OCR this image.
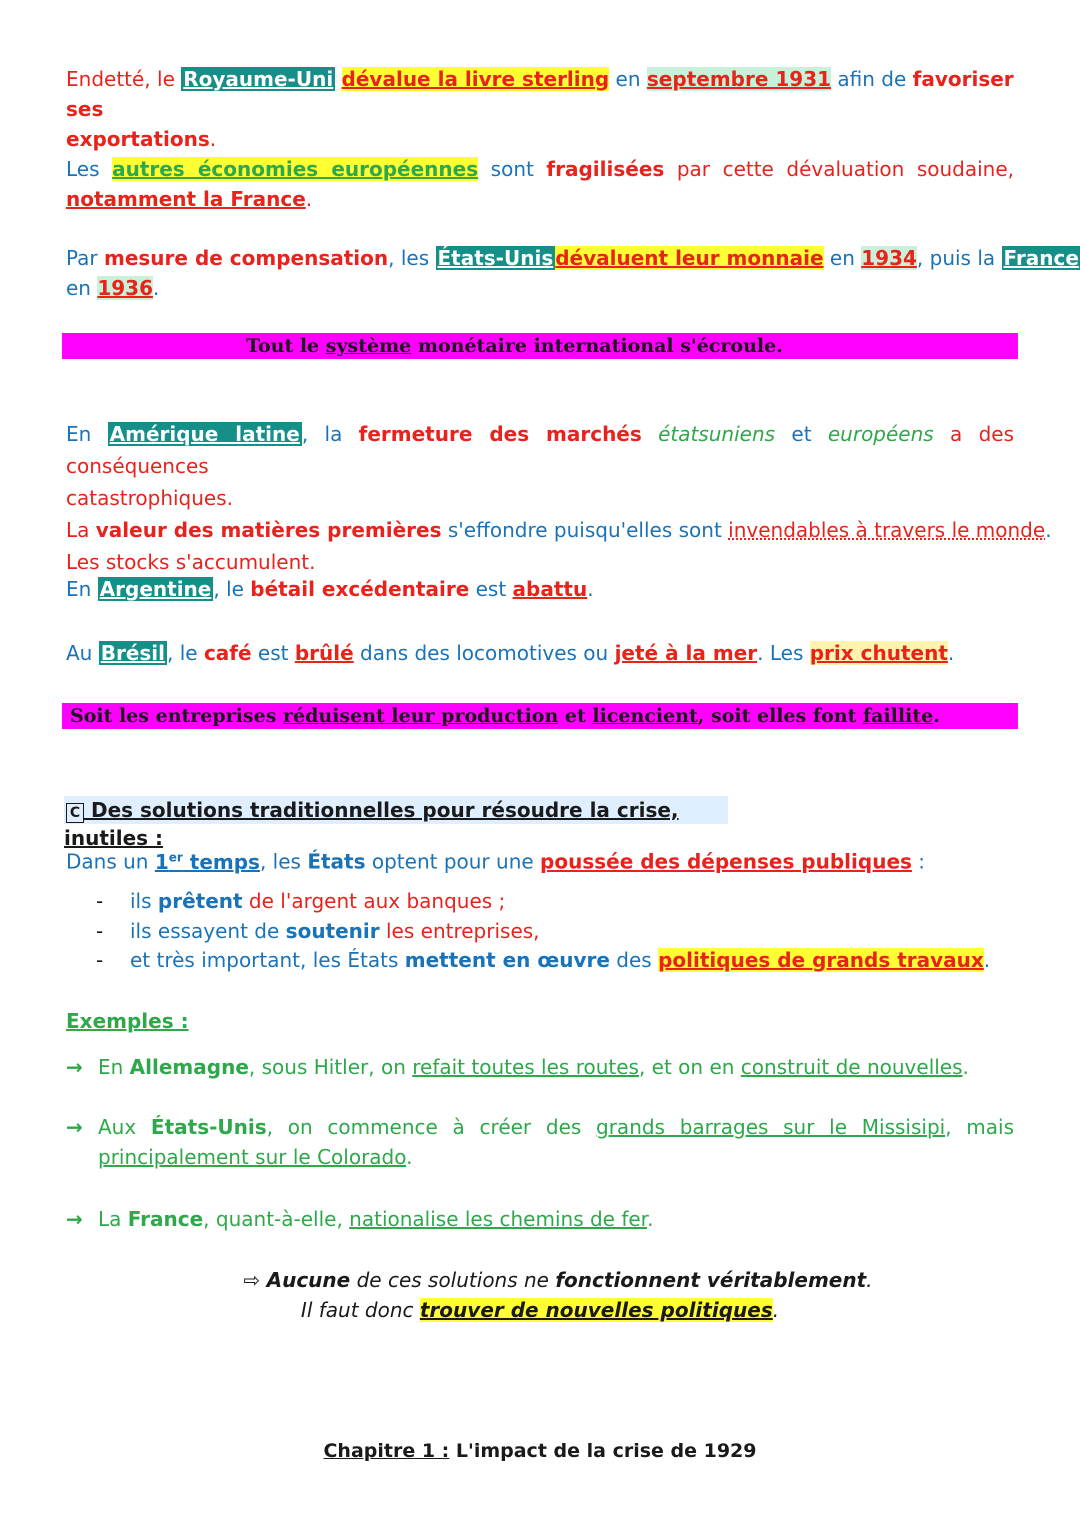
Endetté, le Royaume-Uni dévalue la livre sterling en septembre 1931 afin de favoriser ses
exportations.

Les autres économies européennes sont fragilisées par cette dévaluation soudaine,
notamment la France.
Par mesure de compensation, les États-Unis dévaluent leur monnaie en 1934, puis la France
en 1936.
Tout le système monétaire international s'écroule.
En Amérique latine , la fermeture des marchés étatsuniens et européens a des conséquences
catastrophiques.
La valeur des matières premières s'effondre puisqu'elles sont invendables à travers le monde.
Les stocks s'accumulent.

En Argentine , le bétail excédentaire est abattu.

Au Brésil , le café est brûlé dans des locomotives ou jeté à la mer. Les prix chutent.

Soit les entreprises réduisent leur production et licencient, soit elles font faillite.
C Des solutions traditionnelles pour résoudre la crise, inutiles :

Dans un 1er temps, les États optent pour une poussée des dépenses publiques :

- ils prêtent de l'argent aux banques ;
- ils essayent de soutenir les entreprises,
- et très important, les États mettent en œuvre des politiques de grands travaux.
Exemples :
→ En Allemagne, sous Hitler, on refait toutes les routes, et on en construit de nouvelles.
→ Aux États-Unis, on commence à créer des grands barrages sur le Missisipi, mais
principalement sur le Colorado.
→ La France, quant-à-elle, nationalise les chemins de fer.
⇨ Aucune de ces solutions ne fonctionnent véritablement.
Il faut donc trouver de nouvelles politiques.
Chapitre 1 : L'impact de la crise de 1929
